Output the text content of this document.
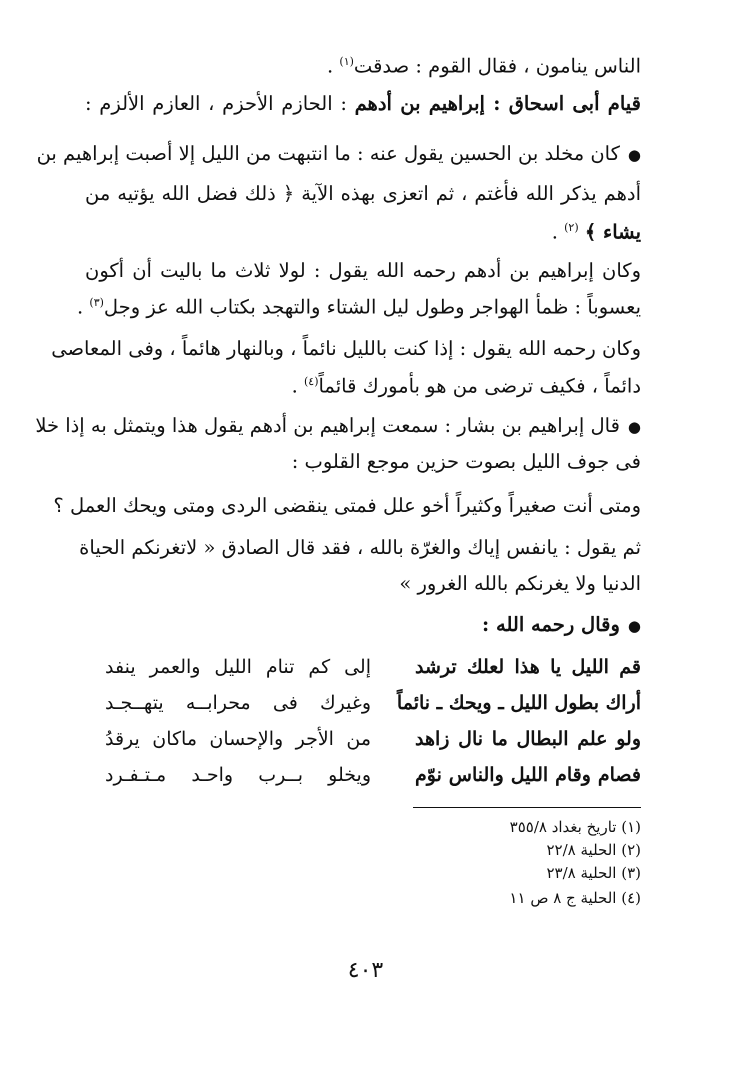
الناس ينامون ، فقال القوم : صدقت$^{(١)}$ .
قيام أبى اسحاق : إبراهيم بن أدهم : الحازم الأحزم ، العازم الألزم :
●كان مخلد بن الحسين يقول عنه : ما انتبهت من الليل إلا أصبت إبراهيم بن
أدهم يذكر الله فأغتم ، ثم اتعزى بهذه الآية ﴿ ذلك فضل الله يؤتيه من
يشاء ﴾ $^{(٢)}$ .
وكان إبراهيم بن أدهم رحمه الله يقول : لولا ثلاث ما باليت أن أكون
يعسوباً : ظمأ الهواجر وطول ليل الشتاء والتهجد بكتاب الله عز وجل$^{(٣)}$ .
وكان رحمه الله يقول : إذا كنت بالليل نائماً ، وبالنهار هائماً ، وفى المعاصى
دائماً ، فكيف ترضى من هو بأمورك قائماً$^{(٤)}$ .
●قال إبراهيم بن بشار : سمعت إبراهيم بن أدهم يقول هذا ويتمثل به إذا خلا
فى جوف الليل بصوت حزين موجع القلوب :
ومتى أنت صغيراً وكثيراً أخو علل فمتى ينقضى الردى ومتى ويحك العمل ؟
ثم يقول : يانفس إياك والغرّة بالله ، فقد قال الصادق « لاتغرنكم الحياة
الدنيا ولا يغرنكم بالله الغرور »
●وقال رحمه الله :
قم الليل يا هذا لعلك ترشد
إلى كم تنام الليل والعمر ينفد
أراك بطول الليل ـ ويحك ـ نائماً
وغيرك فى محرابــه يتهــجـد
ولو علم البطال ما نال زاهد
من الأجر والإحسان ماكان يرقدُ
فصام وقام الليل والناس نوّم
ويخلو بــرب واحـد مـتـفـرد
(١) تاريخ بغداد ٣٥٥/٨
(٢) الحلية ٢٢/٨
(٣) الحلية ٢٣/٨
(٤) الحلية ج ٨ ص ١١
٤٠٣
